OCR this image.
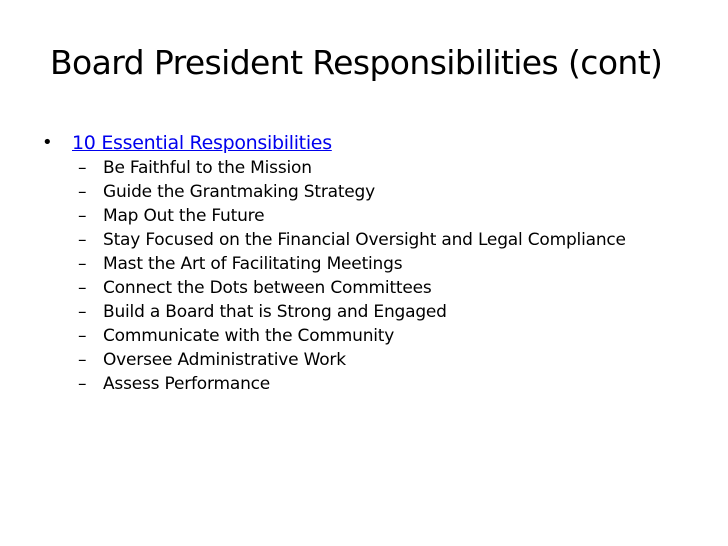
Board President Responsibilities (cont)
• 10 Essential Responsibilities
– Be Faithful to the Mission
– Guide the Grantmaking Strategy
– Map Out the Future
– Stay Focused on the Financial Oversight and Legal Compliance
– Mast the Art of Facilitating Meetings
– Connect the Dots between Committees
– Build a Board that is Strong and Engaged
– Communicate with the Community
– Oversee Administrative Work
– Assess Performance
